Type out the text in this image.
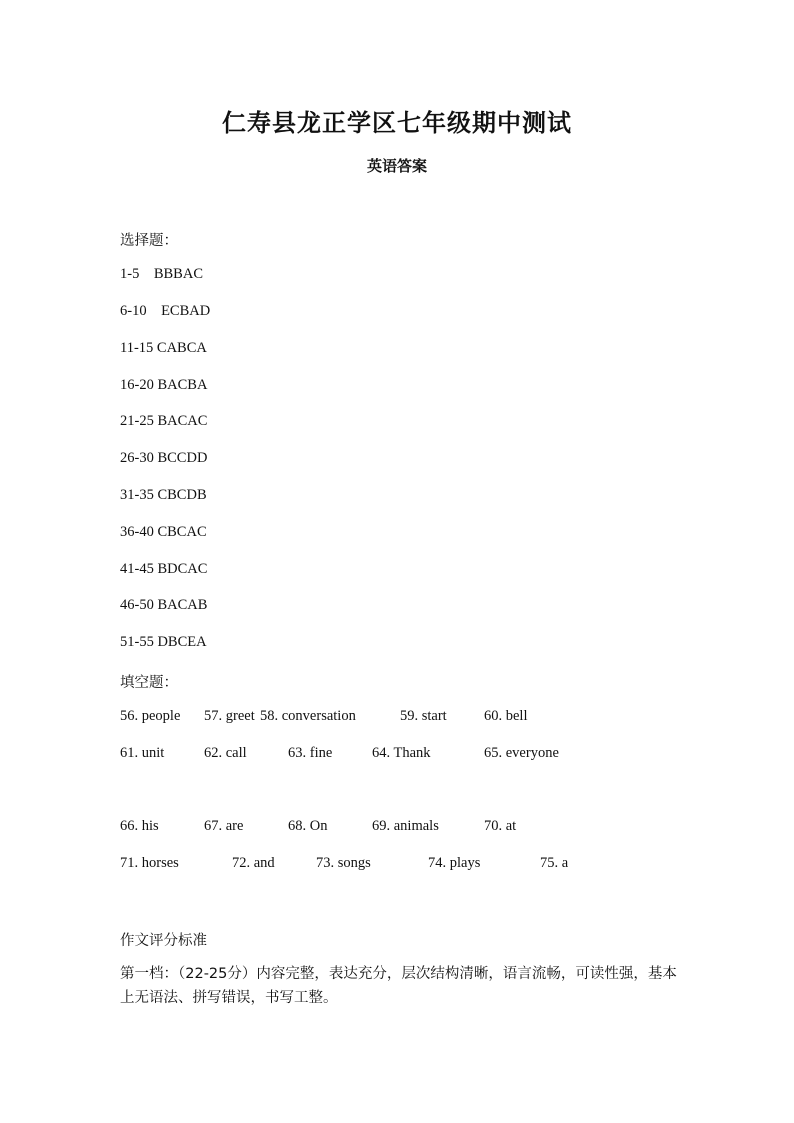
仁寿县龙正学区七年级期中测试
英语答案
选择题：
1-5    BBBAC
6-10    ECBAD
11-15 CABCA
16-20 BACBA
21-25 BACAC
26-30 BCCDD
31-35 CBCDB
36-40 CBCAC
41-45 BDCAC
46-50 BACAB
51-55 DBCEA
填空题：
56. people 57. greet 58. conversation	59. start	60. bell
61. unit	62. call	63. fine	64. Thank	65. everyone
66. his	67. are	68. On	69. animals	70. at
71. horses	72. and	73. songs	74. plays	75. a
作文评分标准
第一档：（22-25分）内容完整，表达充分，层次结构清晰，语言流畅，可读性强，基本上无语法、拼写错误，书写工整。
